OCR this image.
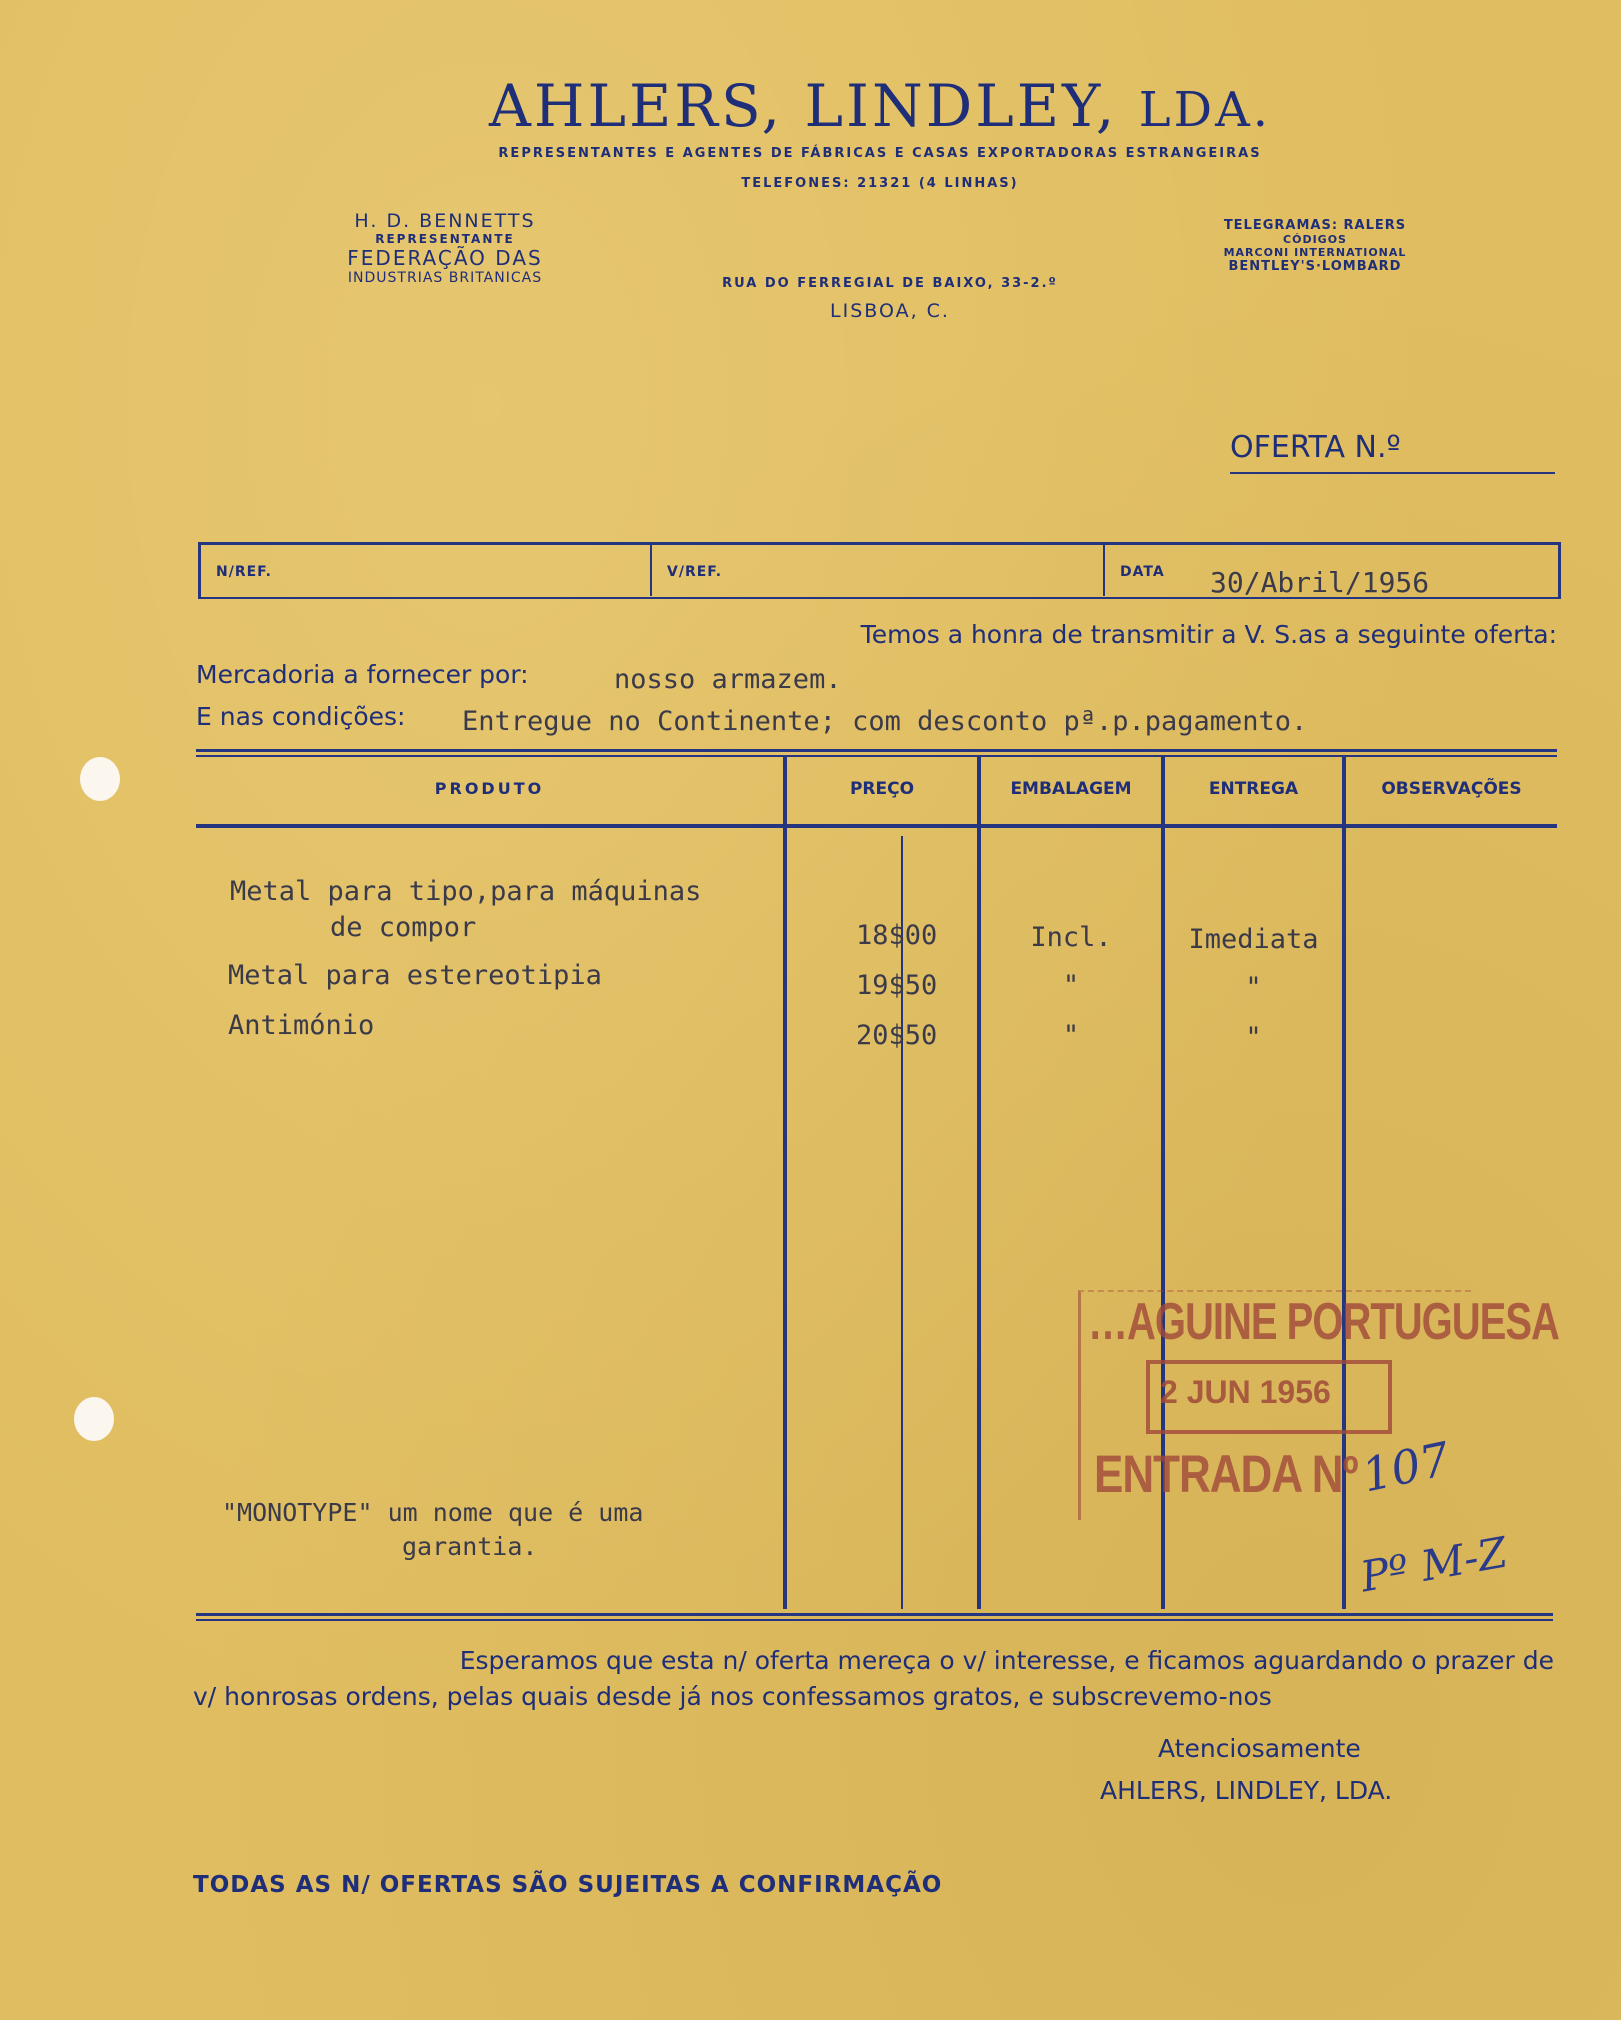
AHLERS, LINDLEY, LDA.
REPRESENTANTES E AGENTES DE FÁBRICAS E CASAS EXPORTADORAS ESTRANGEIRAS
TELEFONES: 21321 (4 LINHAS)
H. D. BENNETTS
REPRESENTANTE
FEDERAÇÃO DAS
INDUSTRIAS BRITANICAS	RUA DO FERREGIAL DE BAIXO, 33-2.º
LISBOA, C.
TELEGRAMAS: RALERS
CÓDIGOS
MARCONI INTERNATIONAL
BENTLEY'S·LOMBARD
OFERTA N.º
N/REF.	V/REF.	DATA 30/Abril/1956
Temos a honra de transmitir a V. S.as a seguinte oferta:
Mercadoria a fornecer por:	nosso armazem.
E nas condições: Entregue no Continente; com desconto pª.p.pagamento.
PRODUTO	PREÇO	EMBALAGEM	ENTREGA	OBSERVAÇÕES
Metal para tipo,para máquinas
de compor	18$00	Incl.	Imediata
Metal para estereotipia	19$50	"	"
Antimónio	20$50	"	"
"MONOTYPE" um nome que é uma
garantia.
…AGUINE PORTUGUESA
2 JUN 1956
ENTRADA Nº 107
Pº M-Z
Esperamos que esta n/ oferta mereça o v/ interesse, e ficamos aguardando o prazer de
v/ honrosas ordens, pelas quais desde já nos confessamos gratos, e subscrevemo-nos
Atenciosamente
AHLERS, LINDLEY, LDA.
TODAS AS N/ OFERTAS SÃO SUJEITAS A CONFIRMAÇÃO
